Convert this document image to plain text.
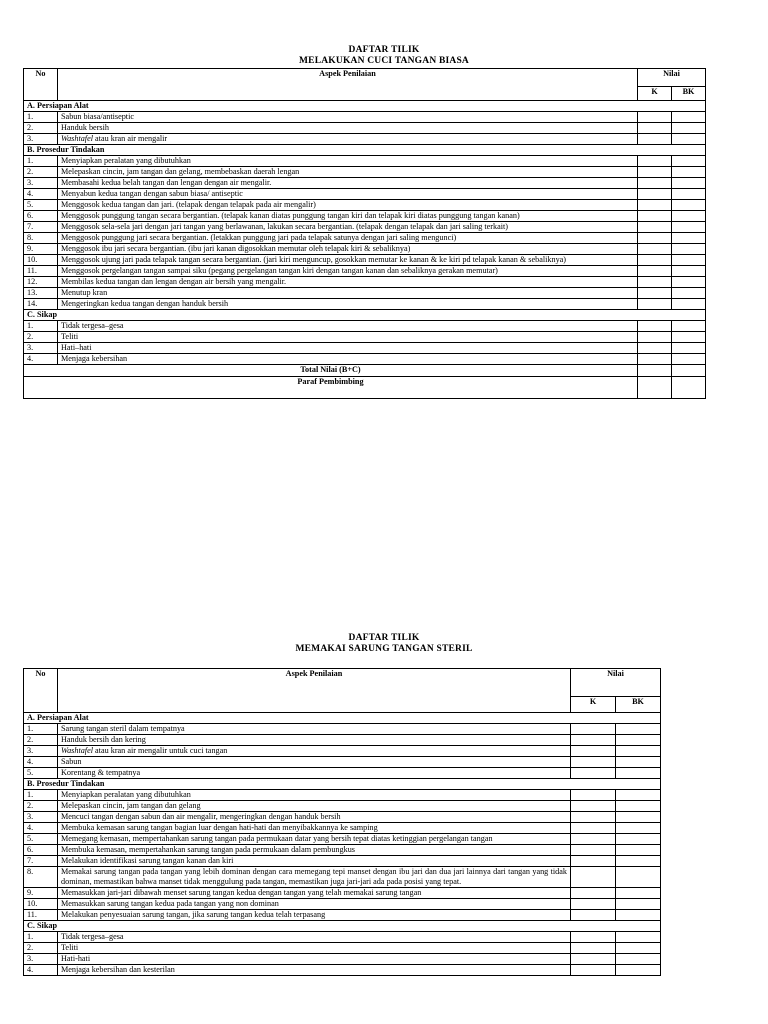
DAFTAR TILIK
MELAKUKAN CUCI TANGAN BIASA
No	Aspek Penilaian	Nilai	
		K	BK
A. Persiapan Alat			
1.	Sabun biasa/antiseptic		
2.	Handuk bersih		
3.	Washtafel atau kran air mengalir		
B. Prosedur Tindakan			
1.	Menyiapkan peralatan yang dibutuhkan		
2.	Melepaskan cincin, jam tangan dan gelang, membebaskan daerah lengan		
3.	Membasahi kedua belah tangan dan lengan dengan air mengalir.		
4.	Menyabun kedua tangan dengan sabun biasa/ antiseptic		
5.	Menggosok kedua tangan dan jari. (telapak dengan telapak pada air mengalir)		
6.	Menggosok punggung tangan secara bergantian. (telapak kanan diatas punggung tangan kiri dan telapak kiri diatas punggung tangan kanan)		
7.	Menggosok sela-sela jari dengan jari tangan yang berlawanan, lakukan secara bergantian. (telapak dengan telapak dan jari saling terkait)		
8.	Menggosok punggung jari secara bergantian. (letakkan punggung jari pada telapak satunya dengan jari saling mengunci)		
9.	Menggosok ibu jari secara bergantian. (ibu jari kanan digosokkan memutar oleh telapak kiri & sebaliknya)		
10.	Menggosok ujung jari pada telapak tangan secara bergantian. (jari kiri menguncup, gosokkan memutar ke kanan & ke kiri pd telapak kanan & sebaliknya)		
11.	Menggosok pergelangan tangan sampai siku (pegang pergelangan tangan kiri dengan tangan kanan dan sebaliknya gerakan memutar)		
12.	Membilas kedua tangan dan lengan dengan air bersih yang mengalir.		
13.	Menutup kran		
14.	Mengeringkan kedua tangan dengan handuk bersih		
C. Sikap			
1.	Tidak tergesa–gesa		
2.	Teliti		
3.	Hati–hati		
4.	Menjaga kebersihan		
Total Nilai (B+C)			
Paraf Pembimbing			
DAFTAR TILIK
MEMAKAI SARUNG TANGAN STERIL
No	Aspek Penilaian	Nilai	
		K	BK
A. Persiapan Alat			
1.	Sarung tangan steril dalam tempatnya		
2.	Handuk bersih dan kering		
3.	Washtafel atau kran air mengalir untuk cuci tangan		
4.	Sabun		
5.	Korentang & tempatnya		
B. Prosedur Tindakan			
1.	Menyiapkan peralatan yang dibutuhkan		
2.	Melepaskan cincin, jam tangan dan gelang		
3.	Mencuci tangan dengan sabun dan air mengalir, mengeringkan dengan handuk bersih		
4.	Membuka kemasan sarung tangan bagian luar dengan hati-hati dan menyibakkannya ke samping		
5.	Memegang kemasan, mempertahankan sarung tangan pada permukaan datar yang bersih tepat diatas ketinggian pergelangan tangan		
6.	Membuka kemasan, mempertahankan sarung tangan pada permukaan dalam pembungkus		
7.	Melakukan identifikasi sarung tangan kanan dan kiri		
8.	Memakai sarung tangan pada tangan yang lebih dominan dengan cara memegang tepi manset dengan ibu jari dan dua jari lainnya dari tangan yang tidak dominan, memastikan bahwa manset tidak menggulung pada tangan, memastikan juga jari-jari ada pada posisi yang tepat.		
9.	Memasukkan jari-jari dibawah menset sarung tangan kedua dengan tangan yang telah memakai sarung tangan		
10.	Memasukkan sarung tangan kedua pada tangan yang non dominan		
11.	Melakukan penyesuaian sarung tangan, jika sarung tangan kedua telah terpasang		
C. Sikap			
1.	Tidak tergesa–gesa		
2.	Teliti		
3.	Hati-hati		
4.	Menjaga kebersihan dan kesterilan		
